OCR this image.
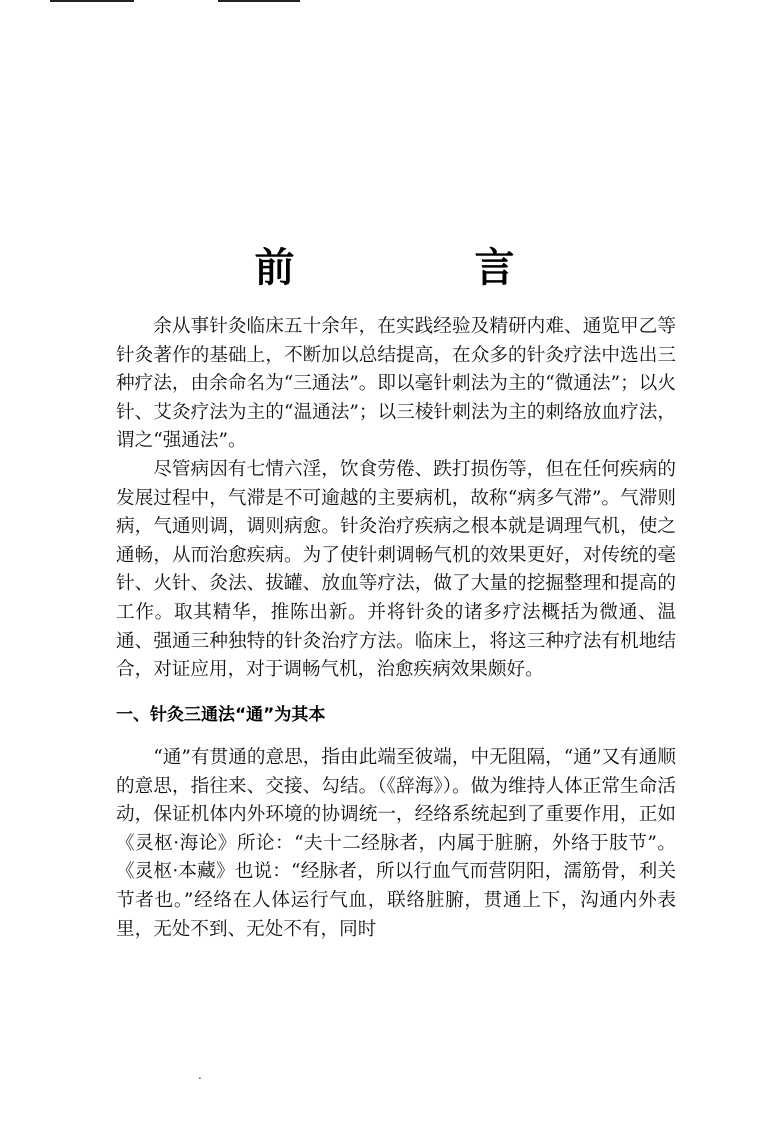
前　言

余从事针灸临床五十余年，在实践经验及精研内难、通览甲乙等针灸著作的基础上，不断加以总结提高，在众多的针灸疗法中选出三种疗法，由余命名为“三通法”。即以毫针刺法为主的“微通法”；以火针、艾灸疗法为主的“温通法”；以三棱针刺法为主的刺络放血疗法，谓之“强通法”。

尽管病因有七情六淫，饮食劳倦、跌打损伤等，但在任何疾病的发展过程中，气滞是不可逾越的主要病机，故称“病多气滞”。气滞则病，气通则调，调则病愈。针灸治疗疾病之根本就是调理气机，使之通畅，从而治愈疾病。为了使针刺调畅气机的效果更好，对传统的毫针、火针、灸法、拔罐、放血等疗法，做了大量的挖掘整理和提高的工作。取其精华，推陈出新。并将针灸的诸多疗法概括为微通、温通、强通三种独特的针灸治疗方法。临床上，将这三种疗法有机地结合，对证应用，对于调畅气机，治愈疾病效果颇好。

一、针灸三通法“通”为其本

“通”有贯通的意思，指由此端至彼端，中无阻隔，“通”又有通顺的意思，指往来、交接、勾结。（《辞海》）。做为维持人体正常生命活动，保证机体内外环境的协调统一，经络系统起到了重要作用，正如《灵枢·海论》所论：“夫十二经脉者，内属于脏腑，外络于肢节”。《灵枢·本藏》也说：“经脉者，所以行血气而营阴阳，濡筋骨，利关节者也。”经络在人体运行气血，联络脏腑，贯通上下，沟通内外表里，无处不到、无处不有，同时

.
